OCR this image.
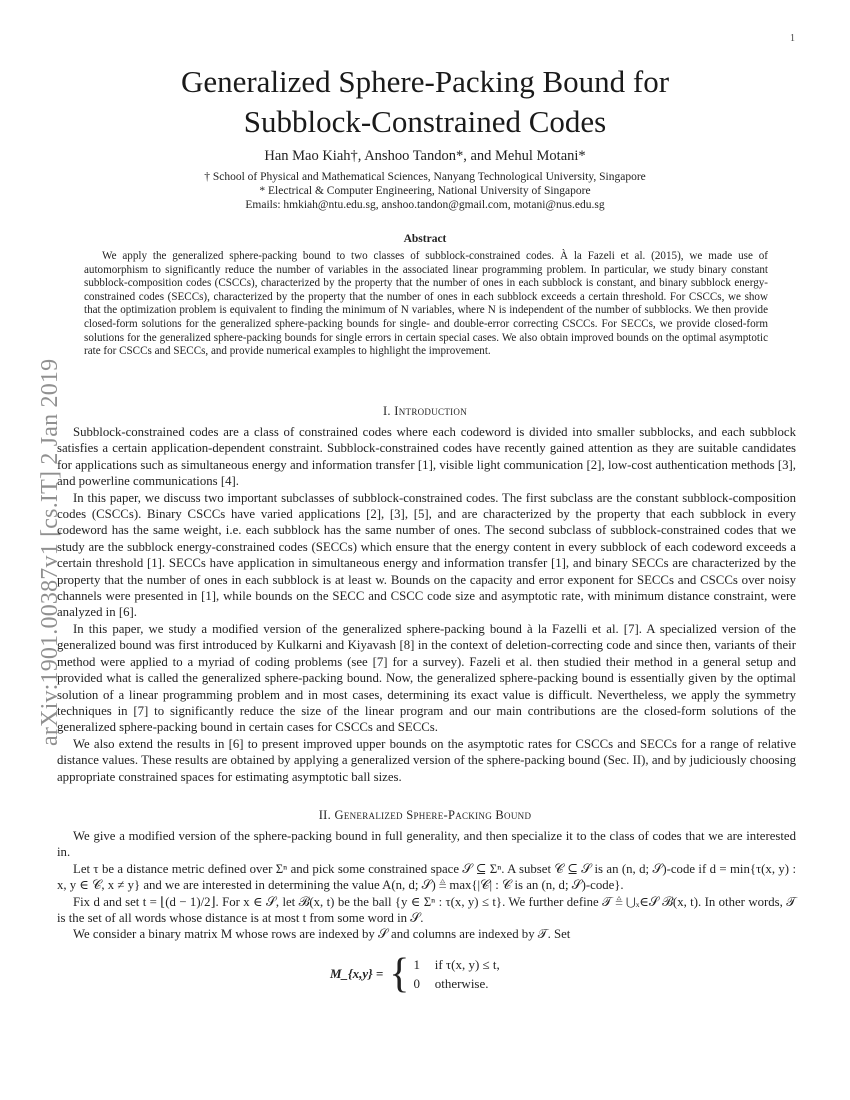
1
arXiv:1901.00387v1 [cs.IT] 2 Jan 2019
Generalized Sphere-Packing Bound for
Subblock-Constrained Codes
Han Mao Kiah†, Anshoo Tandon*, and Mehul Motani*
† School of Physical and Mathematical Sciences, Nanyang Technological University, Singapore
* Electrical & Computer Engineering, National University of Singapore
Emails: hmkiah@ntu.edu.sg, anshoo.tandon@gmail.com, motani@nus.edu.sg
Abstract
We apply the generalized sphere-packing bound to two classes of subblock-constrained codes. À la Fazeli et al. (2015), we made use of automorphism to significantly reduce the number of variables in the associated linear programming problem. In particular, we study binary constant subblock-composition codes (CSCCs), characterized by the property that the number of ones in each subblock is constant, and binary subblock energy-constrained codes (SECCs), characterized by the property that the number of ones in each subblock exceeds a certain threshold. For CSCCs, we show that the optimization problem is equivalent to finding the minimum of N variables, where N is independent of the number of subblocks. We then provide closed-form solutions for the generalized sphere-packing bounds for single- and double-error correcting CSCCs. For SECCs, we provide closed-form solutions for the generalized sphere-packing bounds for single errors in certain special cases. We also obtain improved bounds on the optimal asymptotic rate for CSCCs and SECCs, and provide numerical examples to highlight the improvement.
I. Introduction

Subblock-constrained codes are a class of constrained codes where each codeword is divided into smaller subblocks, and each subblock satisfies a certain application-dependent constraint. Subblock-constrained codes have recently gained attention as they are suitable candidates for applications such as simultaneous energy and information transfer [1], visible light communication [2], low-cost authentication methods [3], and powerline communications [4].

In this paper, we discuss two important subclasses of subblock-constrained codes. The first subclass are the constant subblock-composition codes (CSCCs). Binary CSCCs have varied applications [2], [3], [5], and are characterized by the property that each subblock in every codeword has the same weight, i.e. each subblock has the same number of ones. The second subclass of subblock-constrained codes that we study are the subblock energy-constrained codes (SECCs) which ensure that the energy content in every subblock of each codeword exceeds a certain threshold [1]. SECCs have application in simultaneous energy and information transfer [1], and binary SECCs are characterized by the property that the number of ones in each subblock is at least w. Bounds on the capacity and error exponent for SECCs and CSCCs over noisy channels were presented in [1], while bounds on the SECC and CSCC code size and asymptotic rate, with minimum distance constraint, were analyzed in [6].

In this paper, we study a modified version of the generalized sphere-packing bound à la Fazelli et al. [7]. A specialized version of the generalized bound was first introduced by Kulkarni and Kiyavash [8] in the context of deletion-correcting code and since then, variants of their method were applied to a myriad of coding problems (see [7] for a survey). Fazeli et al. then studied their method in a general setup and provided what is called the generalized sphere-packing bound. Now, the generalized sphere-packing bound is essentially given by the optimal solution of a linear programming problem and in most cases, determining its exact value is difficult. Nevertheless, we apply the symmetry techniques in [7] to significantly reduce the size of the linear program and our main contributions are the closed-form solutions of the generalized sphere-packing bound in certain cases for CSCCs and SECCs.

We also extend the results in [6] to present improved upper bounds on the asymptotic rates for CSCCs and SECCs for a range of relative distance values. These results are obtained by applying a generalized version of the sphere-packing bound (Sec. II), and by judiciously choosing appropriate constrained spaces for estimating asymptotic ball sizes.

II. Generalized Sphere-Packing Bound

We give a modified version of the sphere-packing bound in full generality, and then specialize it to the class of codes that we are interested in.

Let τ be a distance metric defined over Σⁿ and pick some constrained space 𝒮 ⊆ Σⁿ. A subset 𝒞 ⊆ 𝒮 is an (n, d; 𝒮)-code if d = min{τ(x, y) : x, y ∈ 𝒞, x ≠ y} and we are interested in determining the value A(n, d; 𝒮) ≜ max{|𝒞| : 𝒞 is an (n, d; 𝒮)-code}.

Fix d and set t = ⌊(d − 1)/2⌋. For x ∈ 𝒮, let ℬ(x, t) be the ball {y ∈ Σⁿ : τ(x, y) ≤ t}. We further define 𝒯 ≜ ⋃ₓ∈𝒮 ℬ(x, t). In other words, 𝒯 is the set of all words whose distance is at most t from some word in 𝒮.

We consider a binary matrix M whose rows are indexed by 𝒮 and columns are indexed by 𝒯. Set

M_{x,y} = { 1 if τ(x, y) ≤ t,
0 otherwise.
